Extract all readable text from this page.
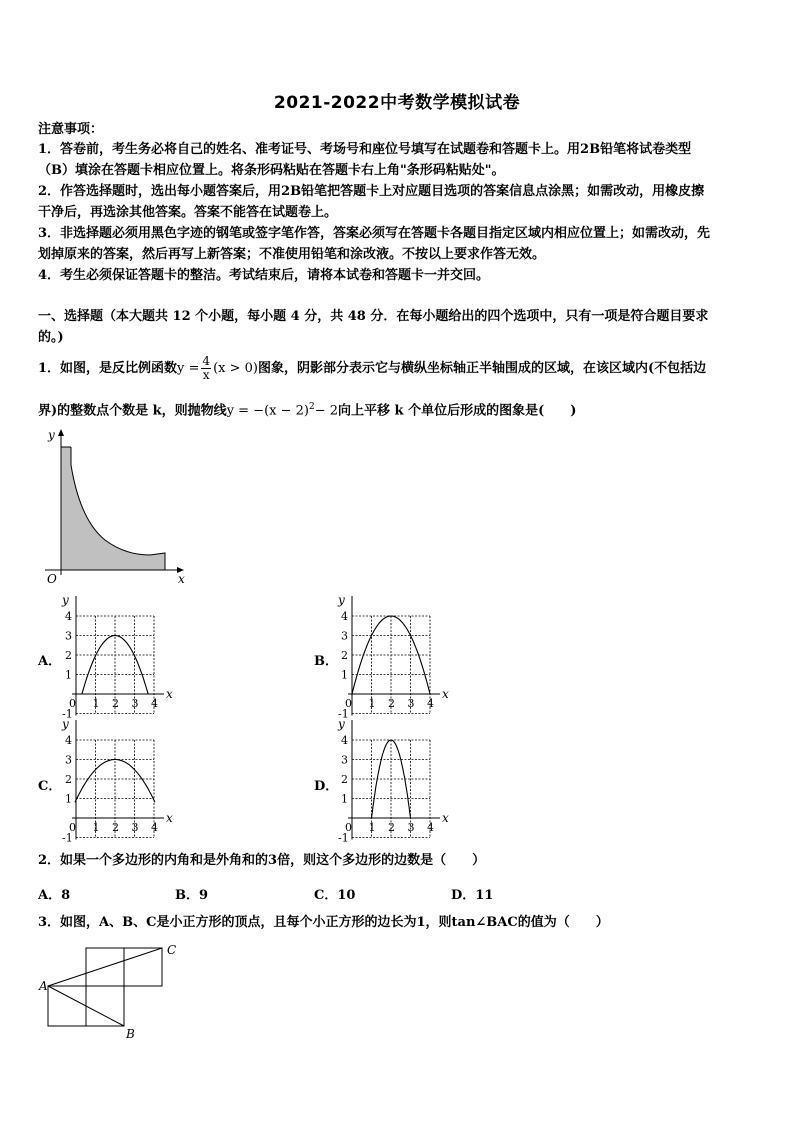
2021-2022中考数学模拟试卷
注意事项：
1．答卷前，考生务必将自己的姓名、准考证号、考场号和座位号填写在试题卷和答题卡上。用2B铅笔将试卷类型
（B）填涂在答题卡相应位置上。将条形码粘贴在答题卡右上角"条形码粘贴处"。
2．作答选择题时，选出每小题答案后，用2B铅笔把答题卡上对应题目选项的答案信息点涂黑；如需改动，用橡皮擦
干净后，再选涂其他答案。答案不能答在试题卷上。
3．非选择题必须用黑色字迹的钢笔或签字笔作答，答案必须写在答题卡各题目指定区域内相应位置上；如需改动，先
划掉原来的答案，然后再写上新答案；不准使用铅笔和涂改液。不按以上要求作答无效。
4．考生必须保证答题卡的整洁。考试结束后，请将本试卷和答题卡一并交回。
一、选择题（本大题共 12 个小题，每小题 4 分，共 48 分．在每小题给出的四个选项中，只有一项是符合题目要求
的。)
1．如图，是反比例函数$y = \frac{4}{x} (x > 0)$图象，阴影部分表示它与横纵坐标轴正半轴围成的区域，在该区域内(不包括边
界)的整数点个数是 k，则抛物线$y = -(x - 2)^2- 2$向上平移 k 个单位后形成的图象是(　　)
y
x
O
A．	B．
C．	D．
0 1 2 3 4
4
3
2
1
-1
x
y
0 1 2 3 4
4
3
2
1
-1
x
y
0 1 2 3 4
4
3
2
1
-1
x
y
0 1 2 3 4
4
3
2
1
-1
x
y
2．如果一个多边形的内角和是外角和的3倍，则这个多边形的边数是（　　）
A．8	B．9	C．10	D．11
3．如图，A、B、C是小正方形的顶点，且每个小正方形的边长为1，则tan∠BAC的值为（　　）
A
B
C
